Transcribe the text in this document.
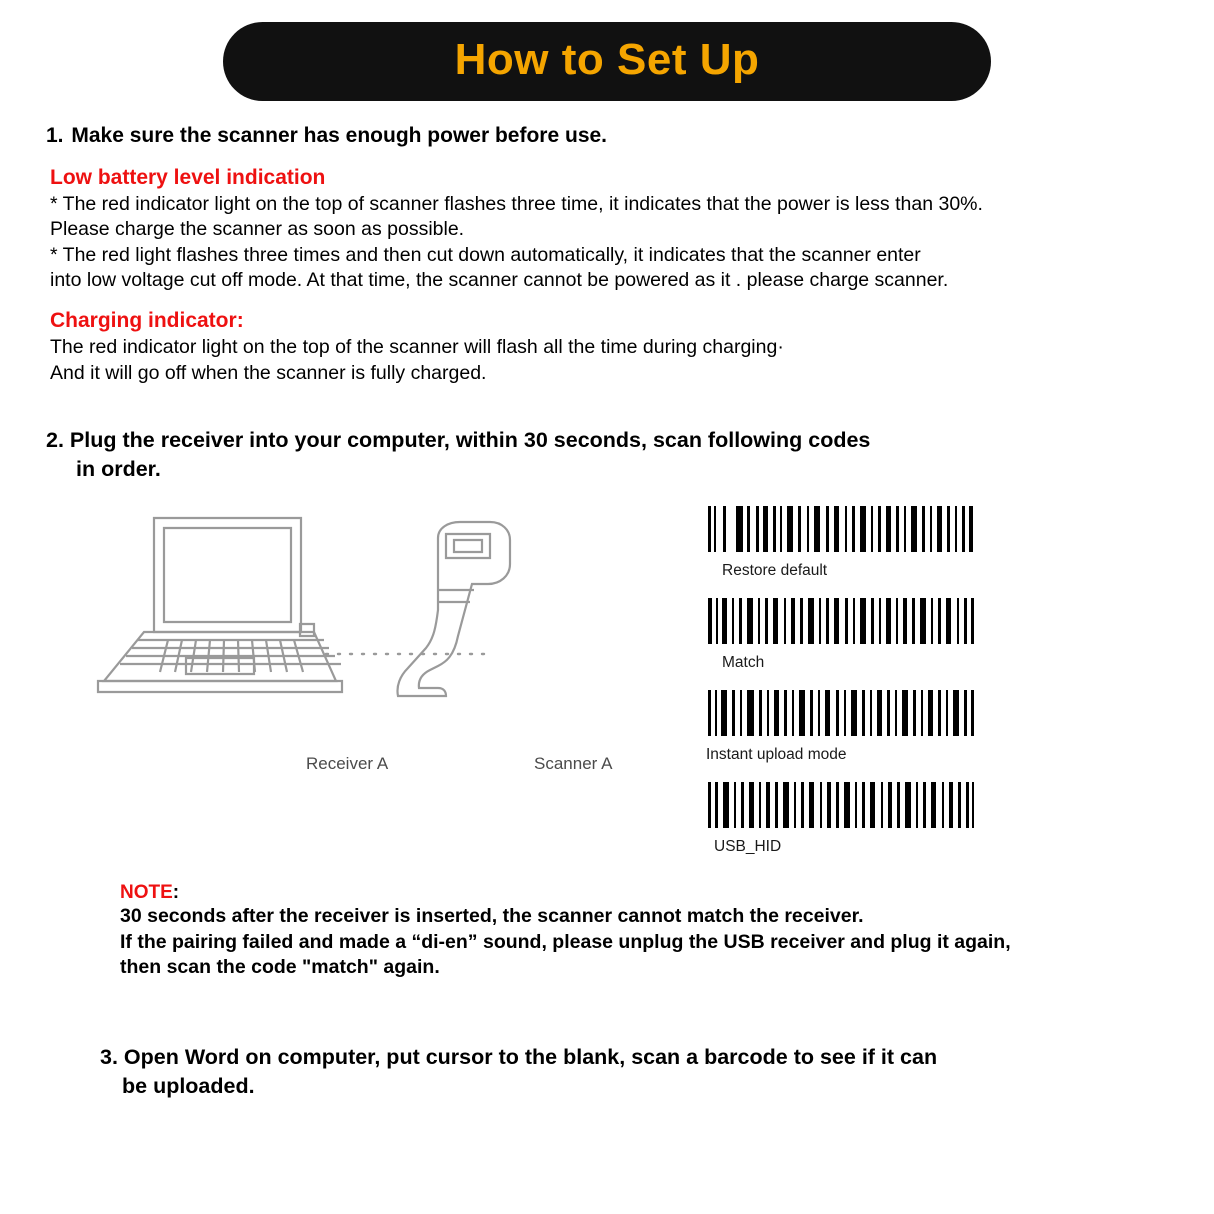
How to Set Up
1. Make sure the scanner has enough power before use.
Low battery level indication
* The red indicator light on the top of scanner flashes three time, it indicates that the power is less than 30%.
Please charge the scanner as soon as possible.
* The red light flashes three times and then cut down automatically, it indicates that the scanner enter
into low voltage cut off mode. At that time, the scanner cannot be powered as it . please charge scanner.
Charging indicator:
The red indicator light on the top of the scanner will flash all the time during charging·
And it will go off when the scanner is fully charged.
2. Plug the receiver into your computer, within 30 seconds, scan following codes
in order.
Receiver A	Scanner A
Restore default
Match
Instant upload mode
USB_HID
NOTE:
30 seconds after the receiver is inserted, the scanner cannot match the receiver.
If the pairing failed and made a “di-en” sound, please unplug the USB receiver and plug it again,
then scan the code "match" again.
3. Open Word on computer, put cursor to the blank, scan a barcode to see if it can
be uploaded.
